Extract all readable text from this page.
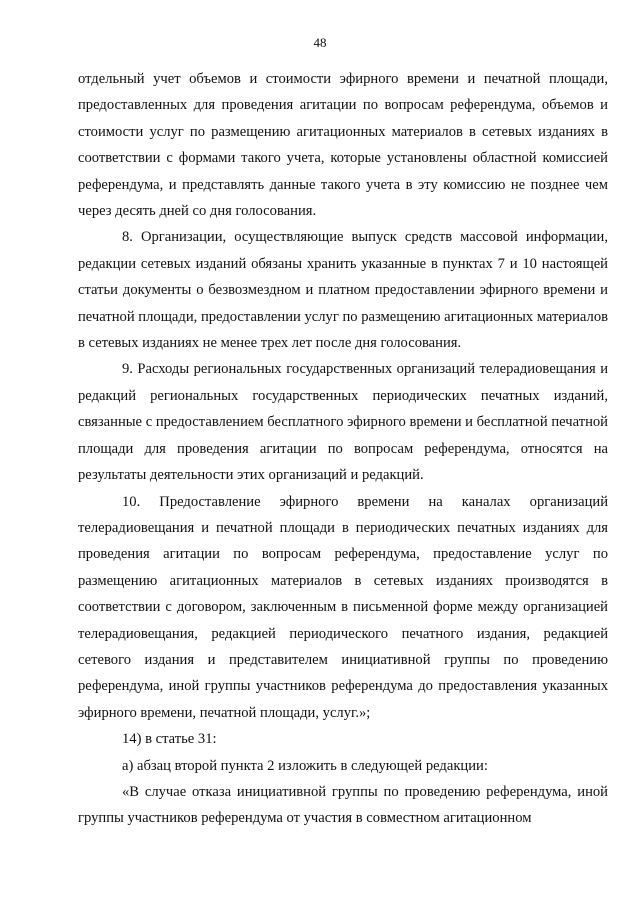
48

отдельный учет объемов и стоимости эфирного времени и печатной площади, предоставленных для проведения агитации по вопросам референдума, объемов и стоимости услуг по размещению агитационных материалов в сетевых изданиях в соответствии с формами такого учета, которые установлены областной комиссией референдума, и представлять данные такого учета в эту комиссию не позднее чем через десять дней со дня голосования.

8. Организации, осуществляющие выпуск средств массовой информации, редакции сетевых изданий обязаны хранить указанные в пунктах 7 и 10 настоящей статьи документы о безвозмездном и платном предоставлении эфирного времени и печатной площади, предоставлении услуг по размещению агитационных материалов в сетевых изданиях не менее трех лет после дня голосования.

9. Расходы региональных государственных организаций телерадиовещания и редакций региональных государственных периодических печатных изданий, связанные с предоставлением бесплатного эфирного времени и бесплатной печатной площади для проведения агитации по вопросам референдума, относятся на результаты деятельности этих организаций и редакций.

10. Предоставление эфирного времени на каналах организаций телерадиовещания и печатной площади в периодических печатных изданиях для проведения агитации по вопросам референдума, предоставление услуг по размещению агитационных материалов в сетевых изданиях производятся в соответствии с договором, заключенным в письменной форме между организацией телерадиовещания, редакцией периодического печатного издания, редакцией сетевого издания и представителем инициативной группы по проведению референдума, иной группы участников референдума до предоставления указанных эфирного времени, печатной площади, услуг.»;

14) в статье 31:

а) абзац второй пункта 2 изложить в следующей редакции:

«В случае отказа инициативной группы по проведению референдума, иной группы участников референдума от участия в совместном агитационном
